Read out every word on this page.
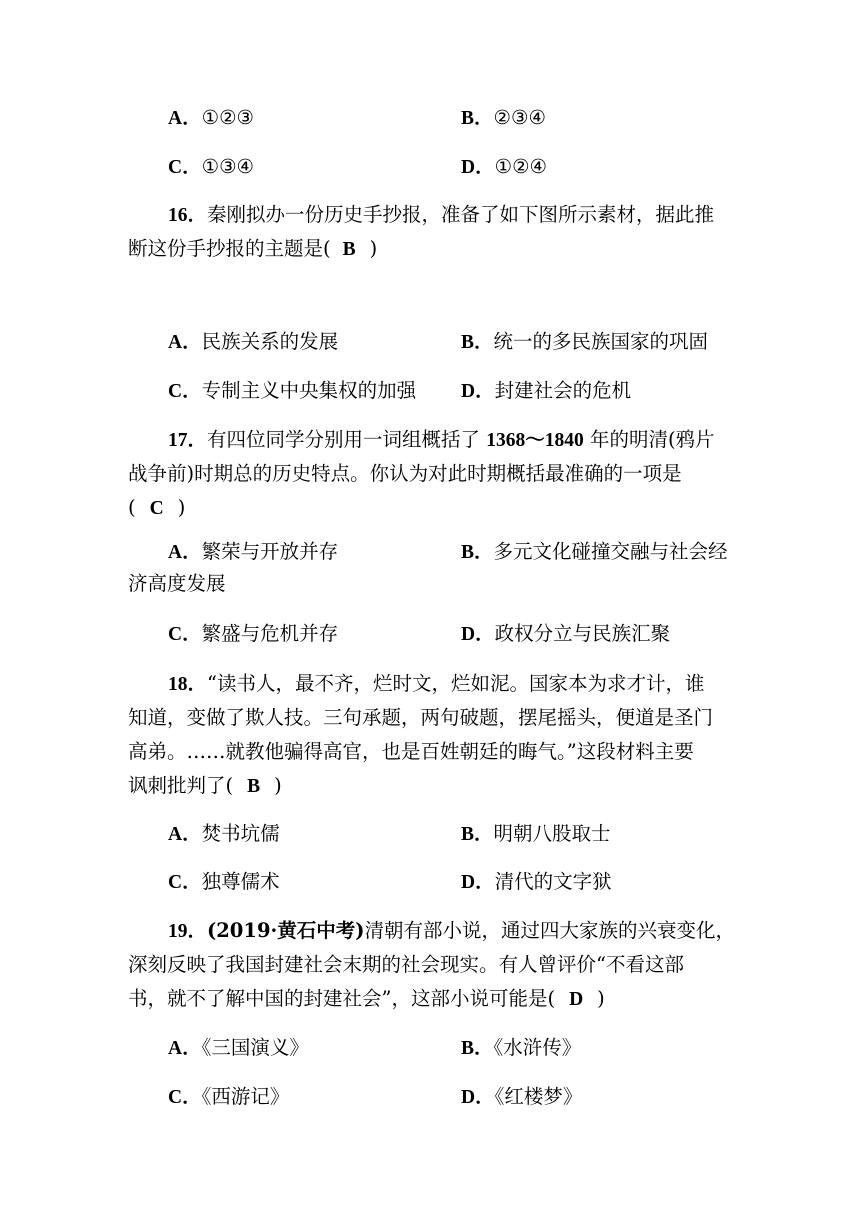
A．①②③	B．②③④
C．①③④	D．①②④
16．秦刚拟办一份历史手抄报，准备了如下图所示素材，据此推
断这份手抄报的主题是( B )
A．民族关系的发展	B．统一的多民族国家的巩固
C．专制主义中央集权的加强 D．封建社会的危机
17．有四位同学分别用一词组概括了 1368～1840 年的明清(鸦片
战争前)时期总的历史特点。你认为对此时期概括最准确的一项是
( C )
A．繁荣与开放并存	B．多元文化碰撞交融与社会经
济高度发展
C．繁盛与危机并存	D．政权分立与民族汇聚
18．“读书人，最不齐，烂时文，烂如泥。国家本为求才计，谁
知道，变做了欺人技。三句承题，两句破题，摆尾摇头，便道是圣门
高弟。……就教他骗得高官，也是百姓朝廷的晦气。”这段材料主要
讽刺批判了( B )
A．焚书坑儒	B．明朝八股取士
C．独尊儒术	D．清代的文字狱
19．(2019·黄石中考)清朝有部小说，通过四大家族的兴衰变化，
深刻反映了我国封建社会末期的社会现实。有人曾评价“不看这部
书，就不了解中国的封建社会”，这部小说可能是( D )
A．《三国演义》	B．《水浒传》
C．《西游记》	D．《红楼梦》
